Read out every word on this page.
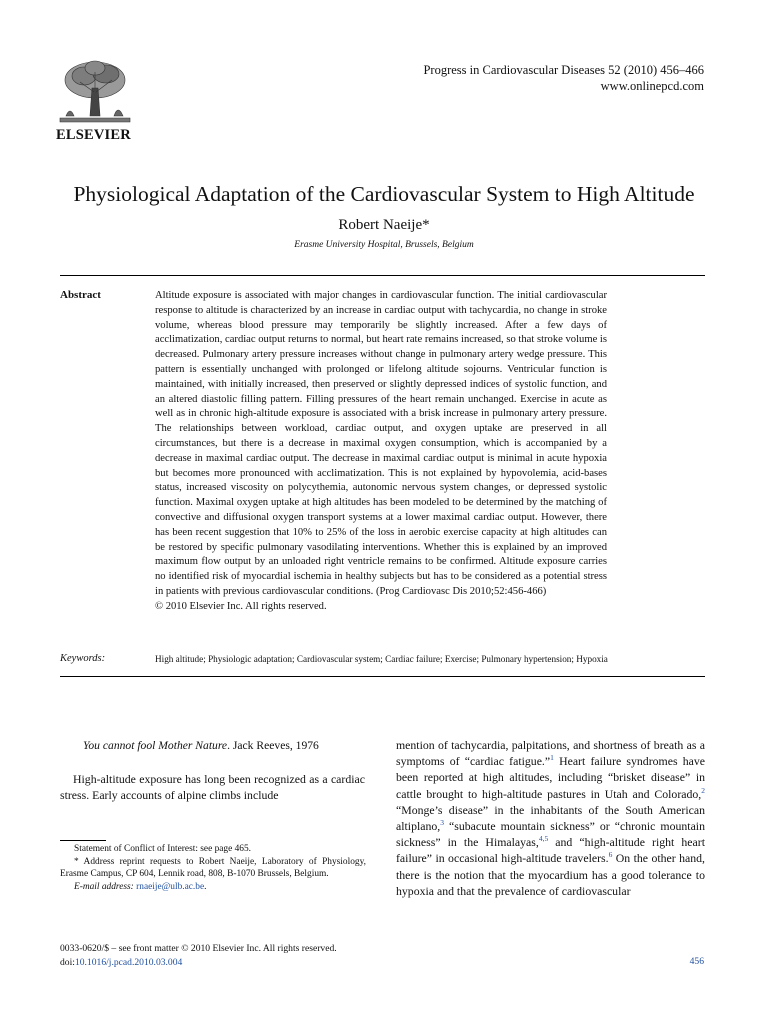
ELSEVIER
Progress in Cardiovascular Diseases 52 (2010) 456–466
www.onlinepcd.com
Physiological Adaptation of the Cardiovascular System to High Altitude
Robert Naeije*
Erasme University Hospital, Brussels, Belgium
Abstract	Altitude exposure is associated with major changes in cardiovascular function. The initial cardiovascular response to altitude is characterized by an increase in cardiac output with tachycardia, no change in stroke volume, whereas blood pressure may temporarily be slightly increased. After a few days of acclimatization, cardiac output returns to normal, but heart rate remains increased, so that stroke volume is decreased. Pulmonary artery pressure increases without change in pulmonary artery wedge pressure. This pattern is essentially unchanged with prolonged or lifelong altitude sojourns. Ventricular function is maintained, with initially increased, then preserved or slightly depressed indices of systolic function, and an altered diastolic filling pattern. Filling pressures of the heart remain unchanged. Exercise in acute as well as in chronic high-altitude exposure is associated with a brisk increase in pulmonary artery pressure. The relationships between workload, cardiac output, and oxygen uptake are preserved in all circumstances, but there is a decrease in maximal oxygen consumption, which is accompanied by a decrease in maximal cardiac output. The decrease in maximal cardiac output is minimal in acute hypoxia but becomes more pronounced with acclimatization. This is not explained by hypovolemia, acid-bases status, increased viscosity on polycythemia, autonomic nervous system changes, or depressed systolic function. Maximal oxygen uptake at high altitudes has been modeled to be determined by the matching of convective and diffusional oxygen transport systems at a lower maximal cardiac output. However, there has been recent suggestion that 10% to 25% of the loss in aerobic exercise capacity at high altitudes can be restored by specific pulmonary vasodilating interventions. Whether this is explained by an improved maximum flow output by an unloaded right ventricle remains to be confirmed. Altitude exposure carries no identified risk of myocardial ischemia in healthy subjects but has to be considered as a potential stress in patients with previous cardiovascular conditions. (Prog Cardiovasc Dis 2010;52:456-466)

© 2010 Elsevier Inc. All rights reserved.

Keywords:	High altitude; Physiologic adaptation; Cardiovascular system; Cardiac failure; Exercise; Pulmonary hypertension; Hypoxia
You cannot fool Mother Nature. Jack Reeves, 1976

High-altitude exposure has long been recognized as a cardiac stress. Early accounts of alpine climbs include

Statement of Conflict of Interest: see page 465.

* Address reprint requests to Robert Naeije, Laboratory of Physiology, Erasme Campus, CP 604, Lennik road, 808, B-1070 Brussels, Belgium.

E-mail address: rnaeije@ulb.ac.be.

mention of tachycardia, palpitations, and shortness of breath as a symptoms of “cardiac fatigue.”$^1$ Heart failure syndromes have been reported at high altitudes, including “brisket disease” in cattle brought to high-altitude pastures in Utah and Colorado,$^2$ “Monge’s disease” in the inhabitants of the South American altiplano,$^3$ “subacute mountain sickness” or “chronic mountain sickness” in the Himalayas,$^{4,5}$ and “high-altitude right heart failure” in occasional high-altitude travelers.$^6$ On the other hand, there is the notion that the myocardium has a good tolerance to hypoxia and that the prevalence of cardiovascular

0033-0620/$ – see front matter © 2010 Elsevier Inc. All rights reserved.
doi:10.1016/j.pcad.2010.03.004	456
